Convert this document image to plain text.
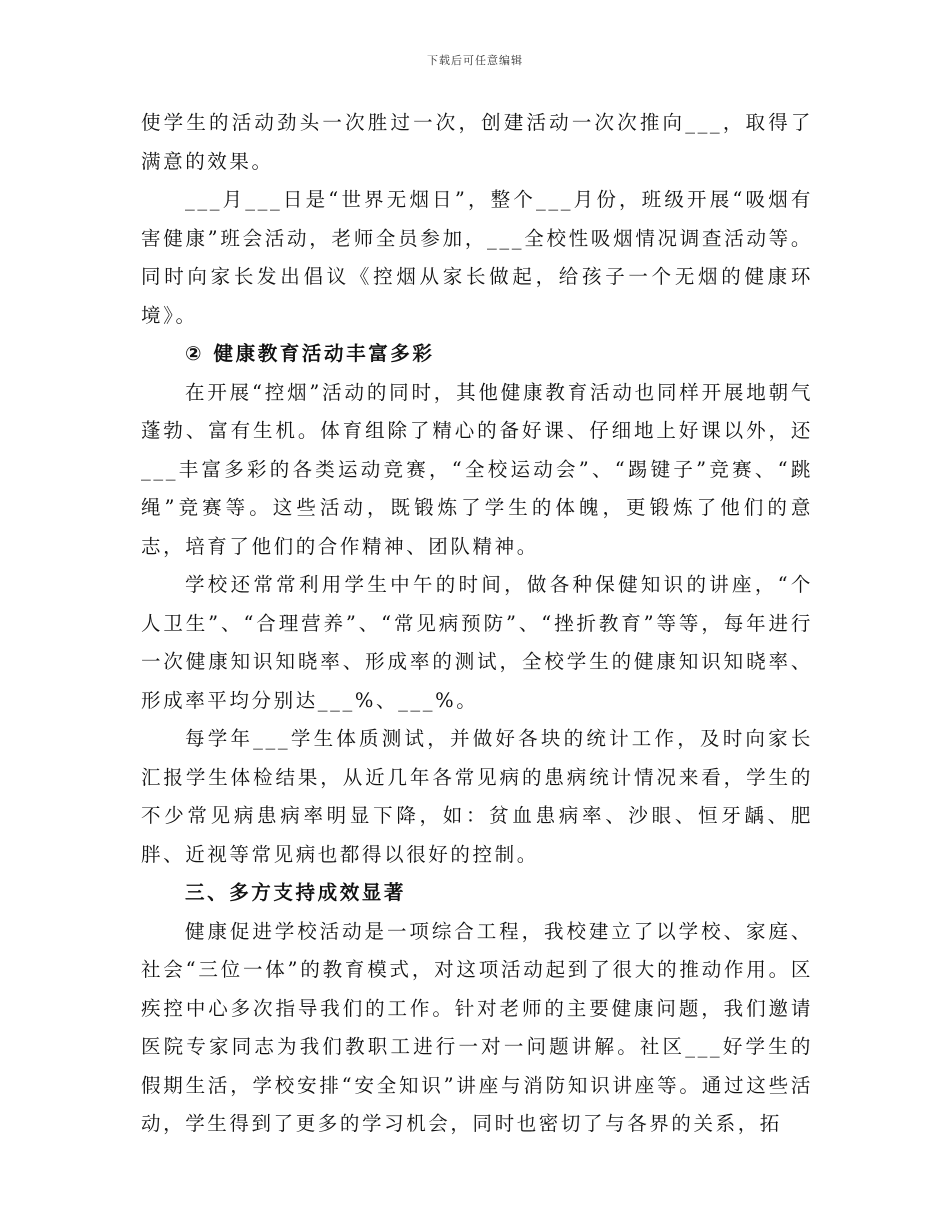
下载后可任意编辑

使学生的活动劲头一次胜过一次，创建活动一次次推向___，取得了满意的效果。

___月___日是“世界无烟日”，整个___月份，班级开展“吸烟有害健康”班会活动，老师全员参加，___全校性吸烟情况调查活动等。同时向家长发出倡议《控烟从家长做起，给孩子一个无烟的健康环境》。

② 健康教育活动丰富多彩

在开展“控烟”活动的同时，其他健康教育活动也同样开展地朝气蓬勃、富有生机。体育组除了精心的备好课、仔细地上好课以外，还___丰富多彩的各类运动竞赛，“全校运动会”、“踢键子”竞赛、“跳绳”竞赛等。这些活动，既锻炼了学生的体魄，更锻炼了他们的意志，培育了他们的合作精神、团队精神。

学校还常常利用学生中午的时间，做各种保健知识的讲座，“个人卫生”、“合理营养”、“常见病预防”、“挫折教育”等等，每年进行一次健康知识知晓率、形成率的测试，全校学生的健康知识知晓率、形成率平均分别达___%、___%。

每学年___学生体质测试，并做好各块的统计工作，及时向家长汇报学生体检结果，从近几年各常见病的患病统计情况来看，学生的不少常见病患病率明显下降，如：贫血患病率、沙眼、恒牙龋、肥胖、近视等常见病也都得以很好的控制。

三、多方支持成效显著

健康促进学校活动是一项综合工程，我校建立了以学校、家庭、社会“三位一体”的教育模式，对这项活动起到了很大的推动作用。区疾控中心多次指导我们的工作。针对老师的主要健康问题，我们邀请医院专家同志为我们教职工进行一对一问题讲解。社区___好学生的假期生活，学校安排“安全知识”讲座与消防知识讲座等。通过这些活动，学生得到了更多的学习机会，同时也密切了与各界的关系，拓
